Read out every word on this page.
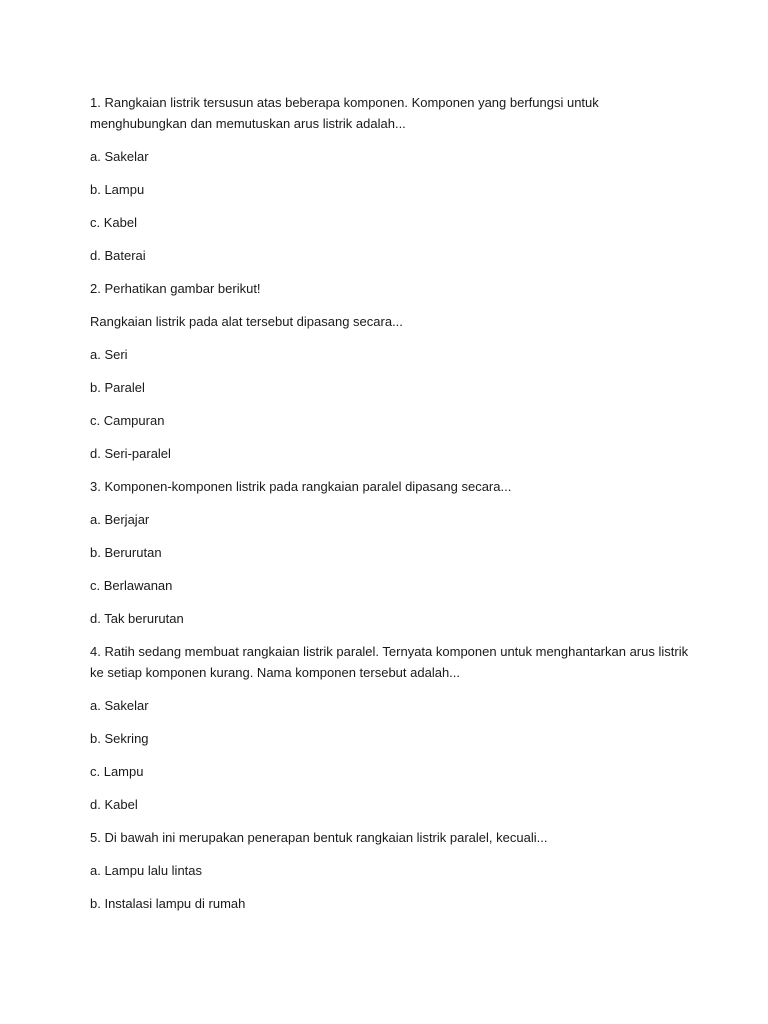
1. Rangkaian listrik tersusun atas beberapa komponen. Komponen yang berfungsi untuk menghubungkan dan memutuskan arus listrik adalah...

a. Sakelar

b. Lampu

c. Kabel

d. Baterai

2. Perhatikan gambar berikut!

Rangkaian listrik pada alat tersebut dipasang secara...

a. Seri

b. Paralel

c. Campuran

d. Seri-paralel

3. Komponen-komponen listrik pada rangkaian paralel dipasang secara...

a. Berjajar

b. Berurutan

c. Berlawanan

d. Tak berurutan

4. Ratih sedang membuat rangkaian listrik paralel. Ternyata komponen untuk menghantarkan arus listrik ke setiap komponen kurang. Nama komponen tersebut adalah...

a. Sakelar

b. Sekring

c. Lampu

d. Kabel

5. Di bawah ini merupakan penerapan bentuk rangkaian listrik paralel, kecuali...

a. Lampu lalu lintas

b. Instalasi lampu di rumah
